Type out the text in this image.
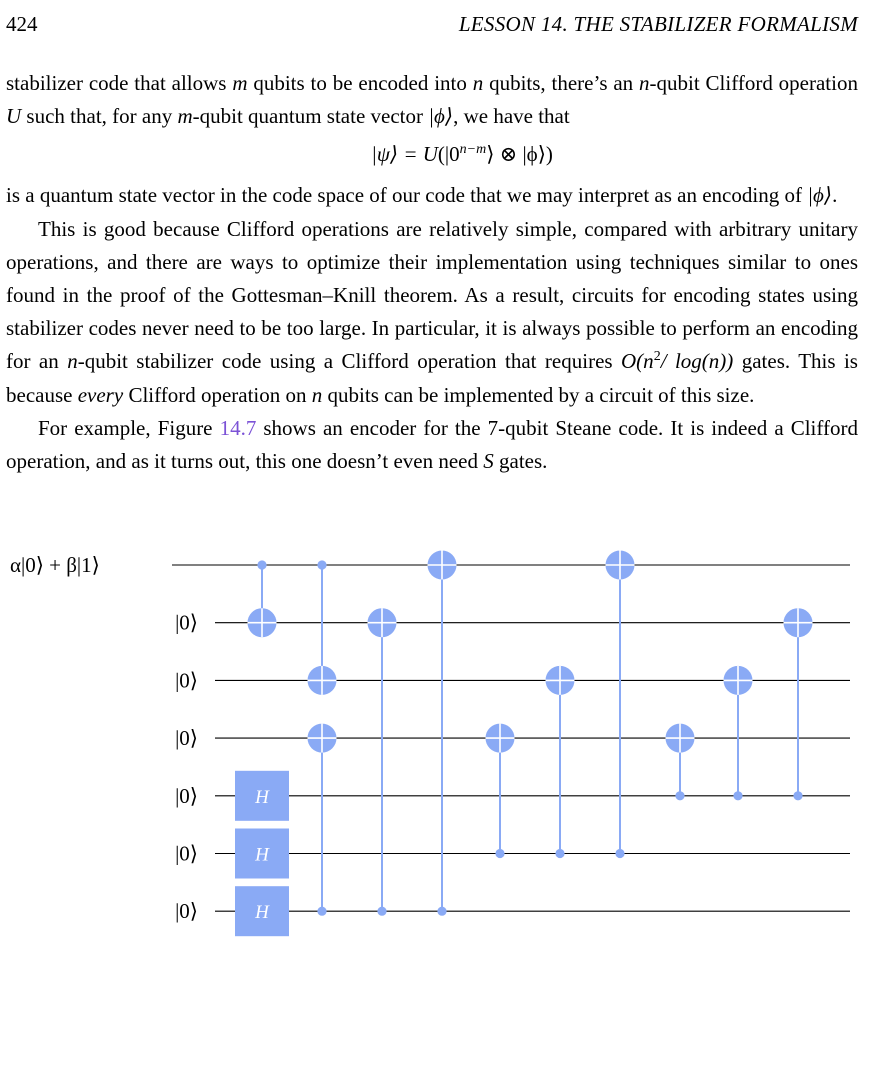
424	LESSON 14. THE STABILIZER FORMALISM

stabilizer code that allows m qubits to be encoded into n qubits, there’s an n-qubit Clifford operation U such that, for any m-qubit quantum state vector |ϕ⟩, we have that

|ψ⟩ = $U(|0^{n-m}⟩$ ⊗ |ϕ⟩)

is a quantum state vector in the code space of our code that we may interpret as an encoding of |ϕ⟩.

This is good because Clifford operations are relatively simple, compared with arbitrary unitary operations, and there are ways to optimize their implementation using techniques similar to ones found in the proof of the Gottesman–Knill theorem. As a result, circuits for encoding states using stabilizer codes never need to be too large. In particular, it is always possible to perform an encoding for an n-qubit stabilizer code using a Clifford operation that requires $O(n^2/$ log(n)) gates. This is because every Clifford operation on n qubits can be implemented by a circuit of this size.

For example, Figure 14.7 shows an encoder for the 7-qubit Steane code. It is indeed a Clifford operation, and as it turns out, this one doesn’t even need S gates.

α|0⟩ + β|1⟩
|0⟩
|0⟩
|0⟩
|0⟩
|0⟩
|0⟩
H
H
H
